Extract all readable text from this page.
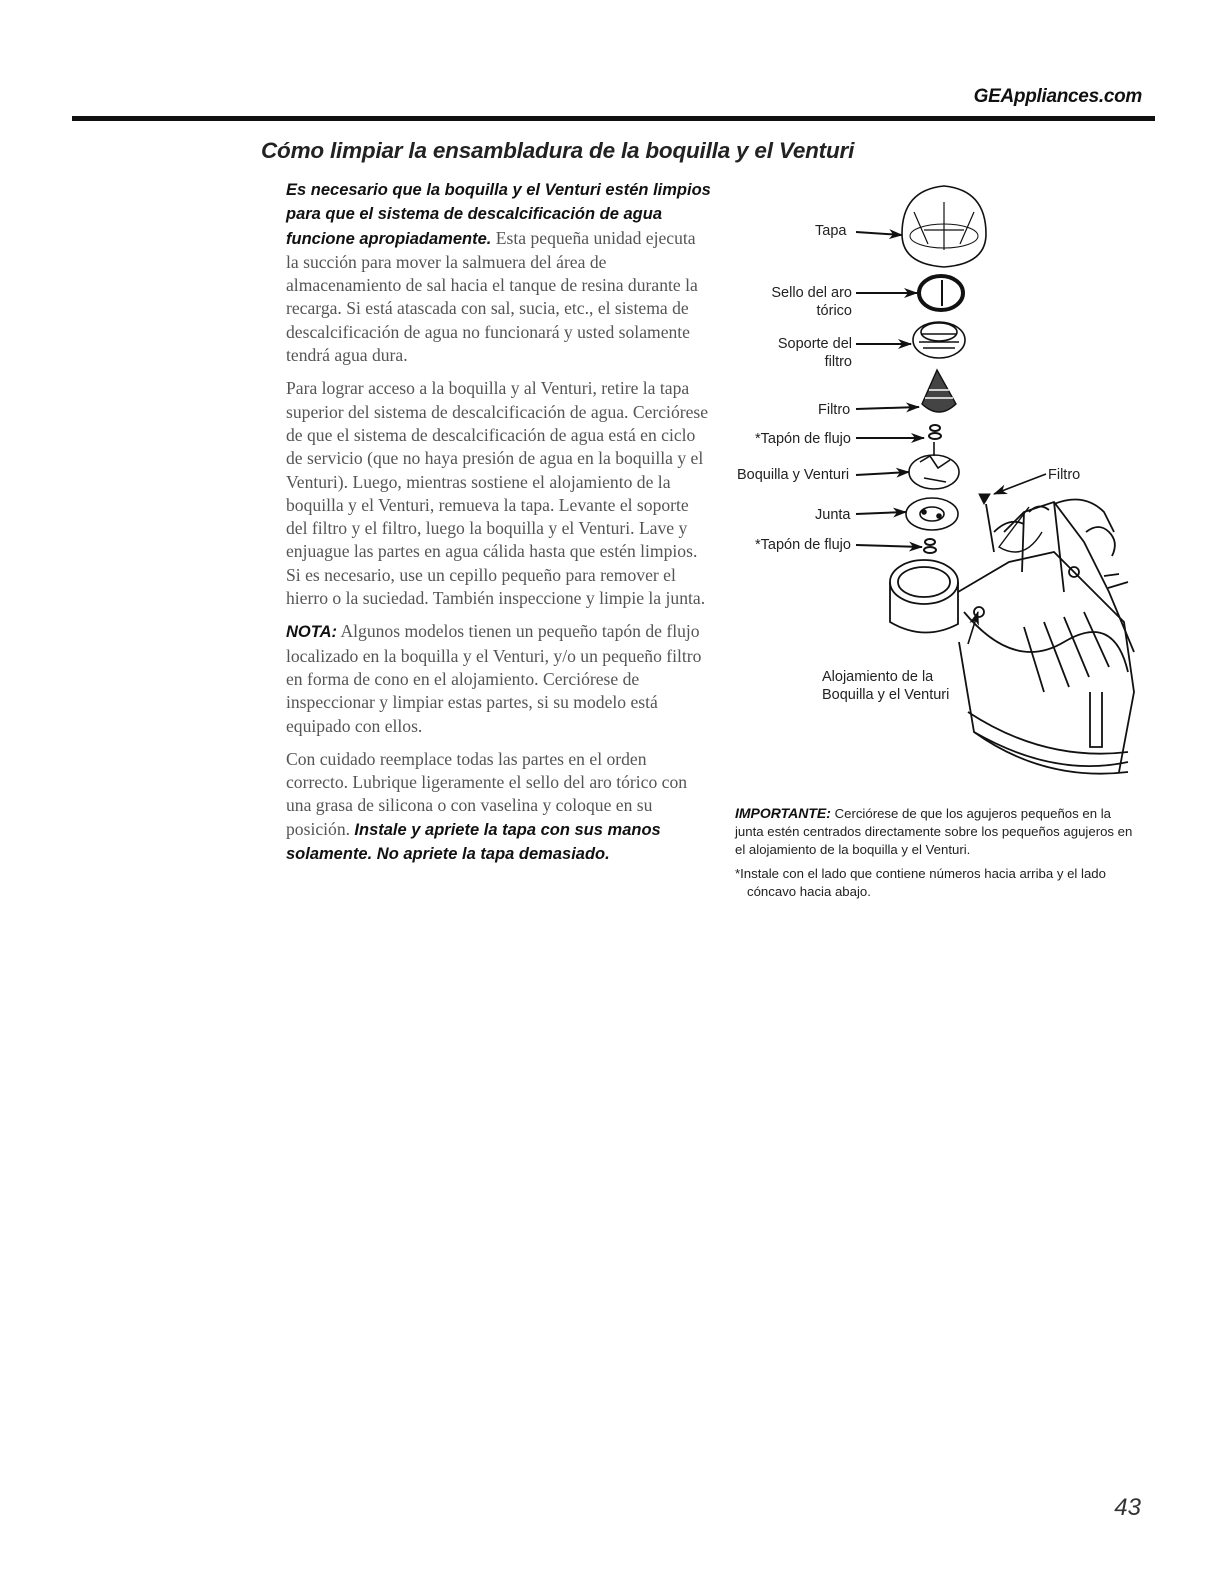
GEAppliances.com
Cómo limpiar la ensambladura de la boquilla y el Venturi

Es necesario que la boquilla y el Venturi estén limpios para que el sistema de descalcificación de agua funcione apropiadamente. Esta pequeña unidad ejecuta la succión para mover la salmuera del área de almacenamiento de sal hacia el tanque de resina durante la recarga. Si está atascada con sal, sucia, etc., el sistema de descalcificación de agua no funcionará y usted solamente tendrá agua dura.

Para lograr acceso a la boquilla y al Venturi, retire la tapa superior del sistema de descalcificación de agua. Cerciórese de que el sistema de descalcificación de agua está en ciclo de servicio (que no haya presión de agua en la boquilla y el Venturi). Luego, mientras sostiene el alojamiento de la boquilla y el Venturi, remueva la tapa. Levante el soporte del filtro y el filtro, luego la boquilla y el Venturi. Lave y enjuague las partes en agua cálida hasta que estén limpios. Si es necesario, use un cepillo pequeño para remover el hierro o la suciedad. También inspeccione y limpie la junta.

NOTA: Algunos modelos tienen un pequeño tapón de flujo localizado en la boquilla y el Venturi, y/o un pequeño filtro en forma de cono en el alojamiento. Cerciórese de inspeccionar y limpiar estas partes, si su modelo está equipado con ellos.

Con cuidado reemplace todas las partes en el orden correcto. Lubrique ligeramente el sello del aro tórico con una grasa de silicona o con vaselina y coloque en su posición. Instale y apriete la tapa con sus manos solamente. No apriete la tapa demasiado.

Tapa
Sello del aro
tórico
Soporte del
filtro
Filtro
*Tapón de flujo
Boquilla y Venturi	Filtro
Junta
*Tapón de flujo
Alojamiento de la
Boquilla y el Venturi

IMPORTANTE: Cerciórese de que los agujeros pequeños en la junta estén centrados directamente sobre los pequeños agujeros en el alojamiento de la boquilla y el Venturi.

*Instale con el lado que contiene números hacia arriba y el lado cóncavo hacia abajo.

43
